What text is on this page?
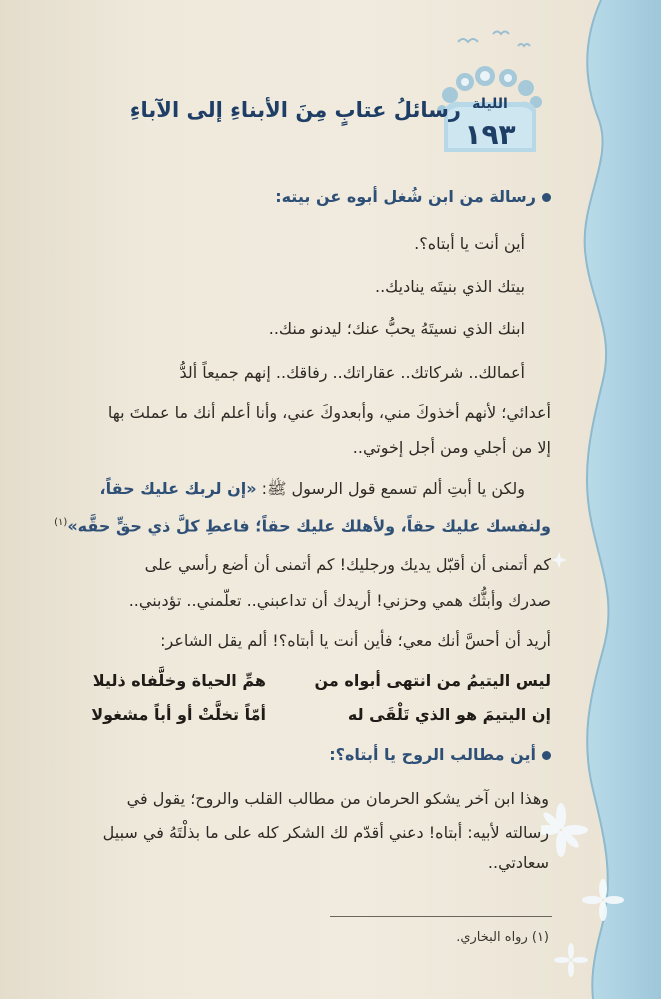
الليلة
١٩٣
رسائلُ عتابٍ مِنَ الأبناءِ إلى الآباءِ
رسالة من ابن شُغل أبوه عن بيته:
أين أنت يا أبتاه؟.
بيتك الذي بنيتَه يناديك..
ابنك الذي نسيتَهُ يحبُّ عنك؛ ليدنو منك..
أعمالك.. شركاتك.. عقاراتك.. رفاقك.. إنهم جميعاً ألدُّ
أعدائي؛ لأنهم أخذوكَ مني، وأبعدوكَ عني، وأنا أعلم أنك ما عملتَ بها
إلا من أجلي ومن أجل إخوتي..
ولكن يا أبتِ ألم تسمع قول الرسول ﷺ: «إن لربك عليك حقاً،
ولنفسك عليك حقاً، ولأهلك عليك حقاً؛ فاعطِ كلَّ ذي حقٍّ حقَّه»$^{(١)}$
كم أتمنى أن أقبّل يديك ورجليك! كم أتمنى أن أضع رأسي على
صدرك وأبثُّك همي وحزني! أريدك أن تداعبني.. تعلّمني.. تؤدبني..
أريد أن أحسَّ أنك معي؛ فأين أنت يا أبتاه؟! ألم يقل الشاعر:
ليس اليتيمُ من انتهى أبواه من
همِّ الحياة وخلَّفاه ذليلا
إن اليتيمَ هو الذي تَلْقَى له
أمّاً تخلَّتْ أو أباً مشغولا
أين مطالب الروح يا أبتاه؟:
وهذا ابن آخر يشكو الحرمان من مطالب القلب والروح؛ يقول في
رسالته لأبيه: أبتاه! دعني أقدّم لك الشكر كله على ما بذلْتَهُ في سبيل
سعادتي..
(١) رواه البخاري.
